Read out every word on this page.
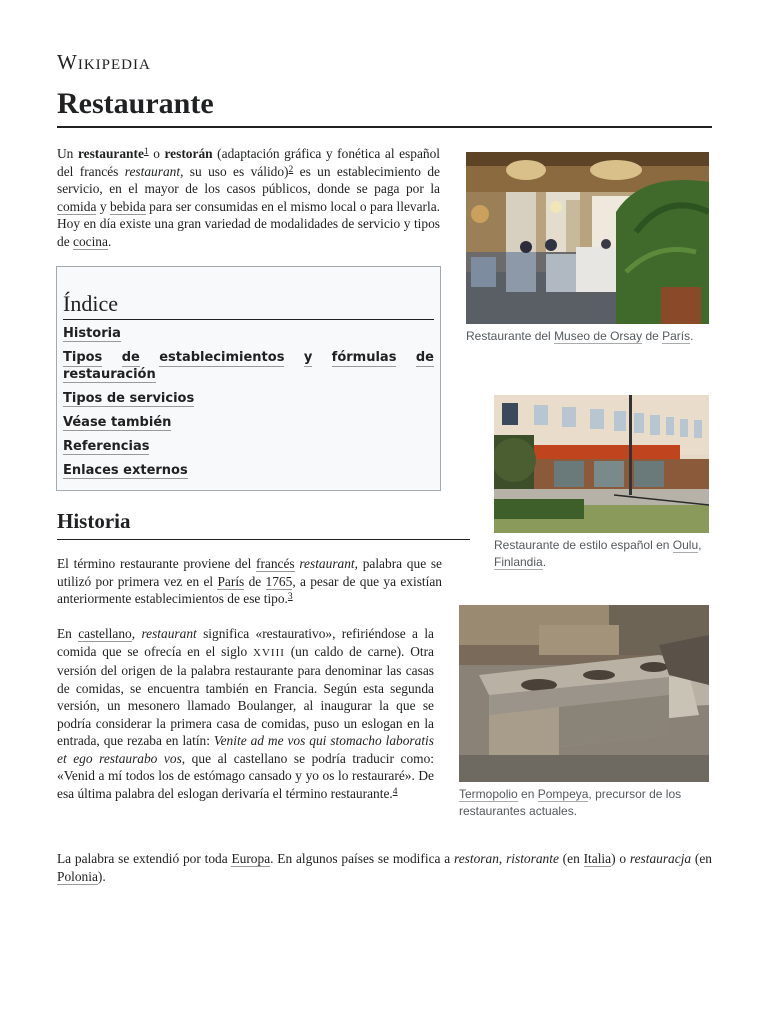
Wikipedia
Restaurante

Un restaurante$^1$ o restorán (adaptación gráfica y fonética al español del francés restaurant, su uso es válido)$^2$ es un establecimiento de servicio, en el mayor de los casos públicos, donde se paga por la comida y bebida para ser consumidas en el mismo local o para llevarla. Hoy en día existe una gran variedad de modalidades de servicio y tipos de cocina.

Índice
Historia
Tipos de establecimientos y fórmulas de
restauración
Tipos de servicios
Véase también
Referencias
Enlaces externos
Historia

El término restaurante proviene del francés restaurant, palabra que se utilizó por primera vez en el París de 1765, a pesar de que ya existían anteriormente establecimientos de ese tipo.$^3$

En castellano, restaurant significa «restaurativo», refiriéndose a la comida que se ofrecía en el siglo XVIII (un caldo de carne). Otra versión del origen de la palabra restaurante para denominar las casas de comidas, se encuentra también en Francia. Según esta segunda versión, un mesonero llamado Boulanger, al inaugurar la que se podría considerar la primera casa de comidas, puso un eslogan en la entrada, que rezaba en latín: Venite ad me vos qui stomacho laboratis et ego restaurabo vos, que al castellano se podría traducir como: «Venid a mí todos los de estómago cansado y yo os lo restauraré». De esa última palabra del eslogan derivaría el término restaurante.$^4$

La palabra se extendió por toda Europa. En algunos países se modifica a restoran, ristorante (en Italia) o restauracja (en Polonia).

Restaurante del Museo de Orsay de París.
Restaurante de estilo español en Oulu, Finlandia.
Termopolio en Pompeya, precursor de los restaurantes actuales.
